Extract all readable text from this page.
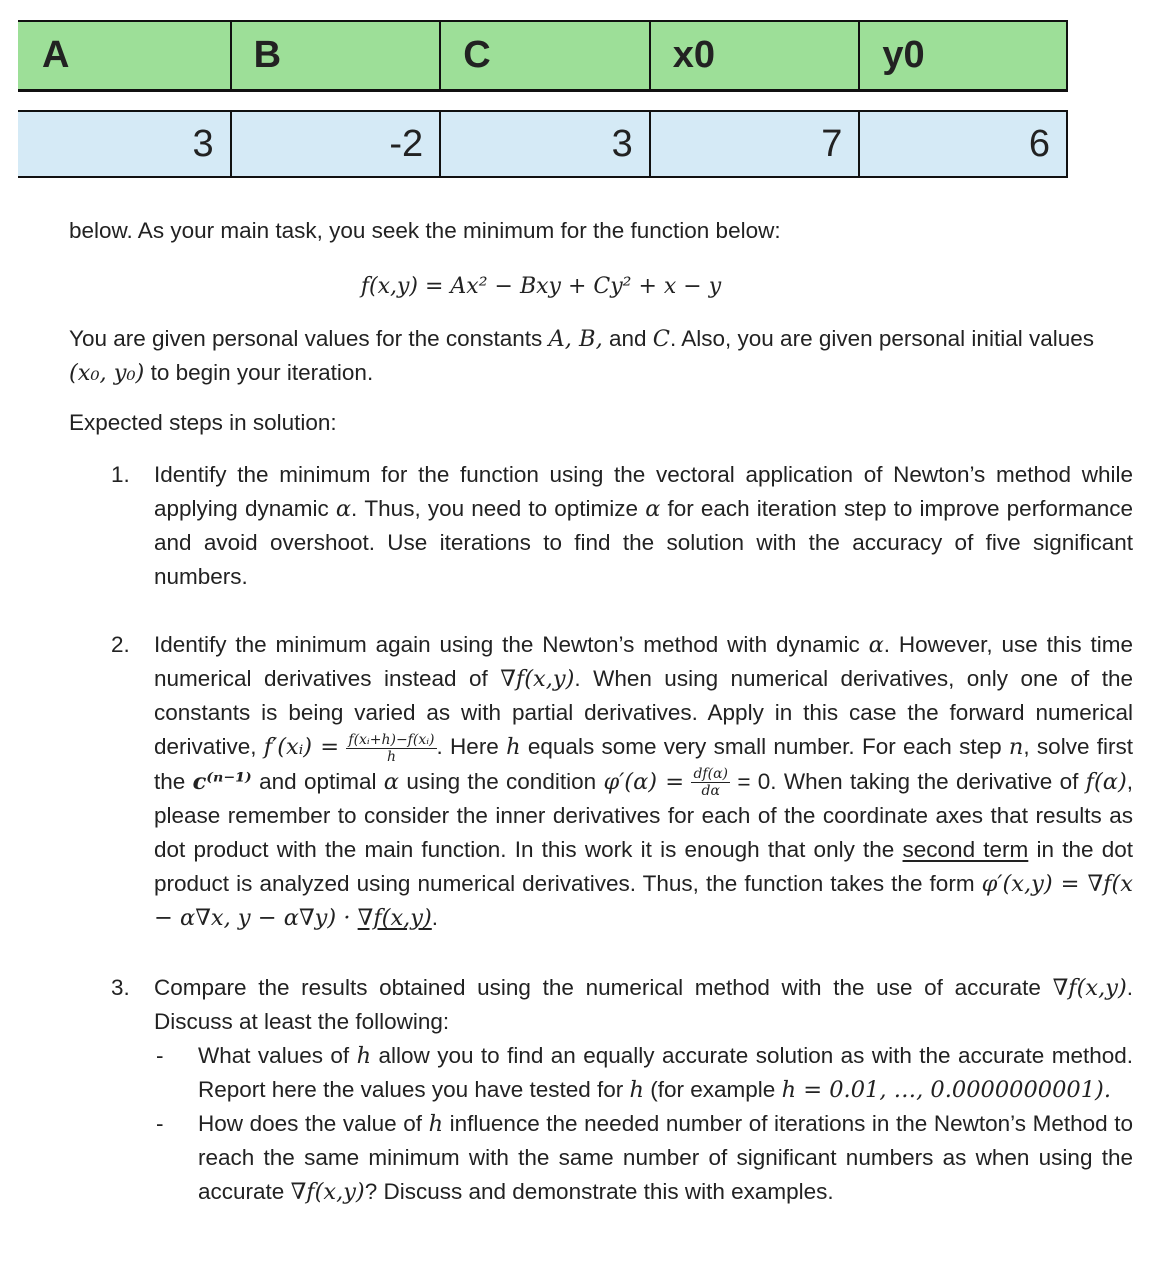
A	B	C	x0	y0
3	-2	3	7	6

below. As your main task, you seek the minimum for the function below:

f(x,y) = Ax² − Bxy + Cy² + x − y

You are given personal values for the constants A, B, and C. Also, you are given personal initial values
(x₀, y₀) to begin your iteration.

Expected steps in solution:

1. Identify the minimum for the function using the vectoral application of Newton’s method while applying dynamic α. Thus, you need to optimize α for each iteration step to improve performance and avoid overshoot. Use iterations to find the solution with the accuracy of five significant numbers.
2. Identify the minimum again using the Newton’s method with dynamic α. However, use this time numerical derivatives instead of ∇f(x,y). When using numerical derivatives, only one of the constants is being varied as with partial derivatives. Apply in this case the forward numerical derivative, f′(xᵢ) = $\frac{\text{f(xᵢ+h)−f(xᵢ)}}{h}$ . Here h equals some very small number. For each step n, solve first the c⁽ⁿ⁻¹⁾ and optimal α using the condition $\varphi'(\alpha) = \frac{df(\alpha)}{d\alpha} = 0$. When taking the derivative of f(α), please remember to consider the inner derivatives for each of the coordinate axes that results as dot product with the main function. In this work it is enough that only the second term in the dot product is analyzed using numerical derivatives. Thus, the function takes the form φ′(x,y) = ∇f(x − α∇x, y − α∇y) · ∇f(x,y).
3. Compare the results obtained using the numerical method with the use of accurate ∇f(x,y). Discuss at least the following:
- What values of h allow you to find an equally accurate solution as with the accurate method. Report here the values you have tested for h (for example h = 0.01, …, 0.0000000001).
- How does the value of h influence the needed number of iterations in the Newton’s Method to reach the same minimum with the same number of significant numbers as when using the accurate ∇f(x,y)? Discuss and demonstrate this with examples.
